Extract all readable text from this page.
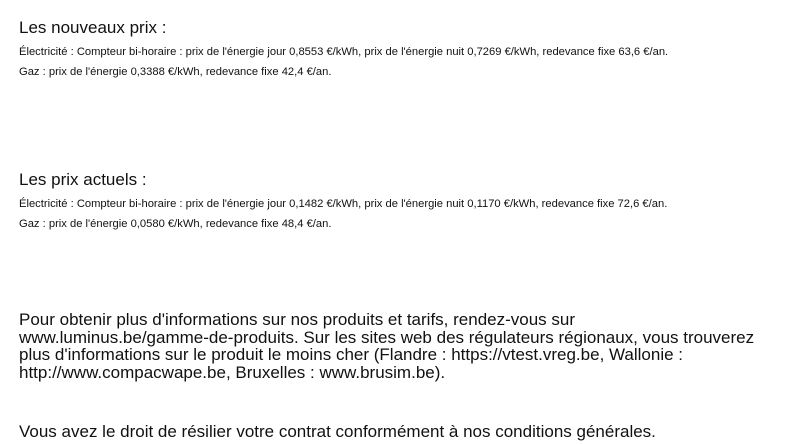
Les nouveaux prix :

Électricité : Compteur bi-horaire : prix de l'énergie jour 0,8553 €/kWh, prix de l'énergie nuit 0,7269 €/kWh, redevance fixe 63,6 €/an.

Gaz : prix de l'énergie 0,3388 €/kWh, redevance fixe 42,4 €/an.

Les prix actuels :

Électricité : Compteur bi-horaire : prix de l'énergie jour 0,1482 €/kWh, prix de l'énergie nuit 0,1170 €/kWh, redevance fixe 72,6 €/an.

Gaz : prix de l'énergie 0,0580 €/kWh, redevance fixe 48,4 €/an.

Pour obtenir plus d'informations sur nos produits et tarifs, rendez-vous sur www.luminus.be/gamme-de-produits. Sur les sites web des régulateurs régionaux, vous trouverez plus d'informations sur le produit le moins cher (Flandre : https://vtest.vreg.be, Wallonie : http://www.compacwape.be, Bruxelles : www.brusim.be).

Vous avez le droit de résilier votre contrat conformément à nos conditions générales.
